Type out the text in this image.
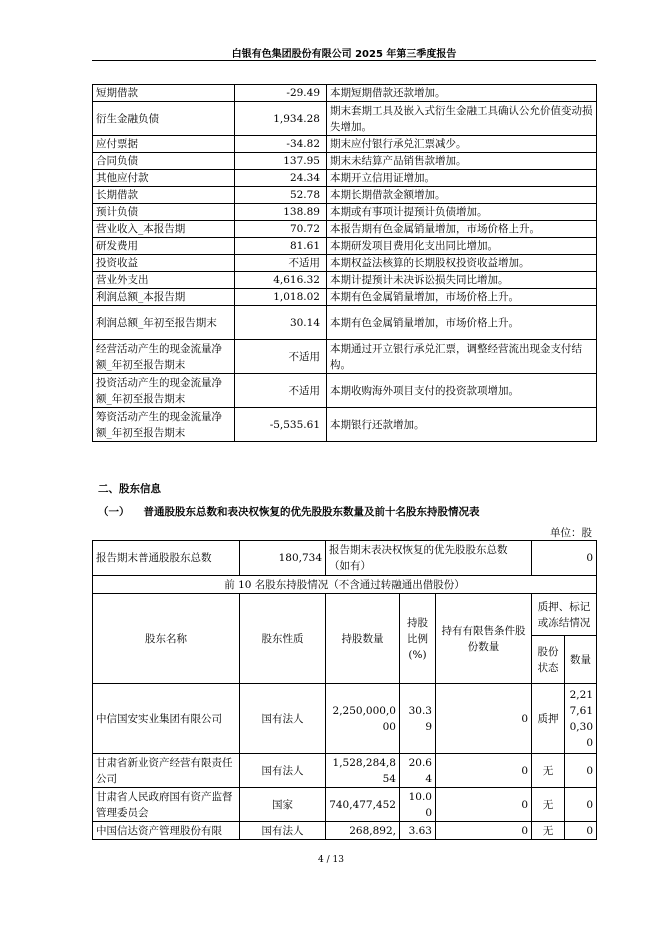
白银有色集团股份有限公司 2025 年第三季度报告
短期借款	-29.49	本期短期借款还款增加。
衍生金融负债	1,934.28	期末套期工具及嵌入式衍生金融工具确认公允价值变动损失增加。
应付票据	-34.82	期末应付银行承兑汇票减少。
合同负债	137.95	期末未结算产品销售款增加。
其他应付款	24.34	本期开立信用证增加。
长期借款	52.78	本期长期借款金额增加。
预计负债	138.89	本期或有事项计提预计负债增加。
营业收入_本报告期	70.72	本报告期有色金属销量增加，市场价格上升。
研发费用	81.61	本期研发项目费用化支出同比增加。
投资收益	不适用	本期权益法核算的长期股权投资收益增加。
营业外支出	4,616.32	本期计提预计未决诉讼损失同比增加。
利润总额_本报告期	1,018.02	本期有色金属销量增加，市场价格上升。
利润总额_年初至报告期末	30.14	本期有色金属销量增加，市场价格上升。
经营活动产生的现金流量净额_年初至报告期末	不适用	本期通过开立银行承兑汇票，调整经营流出现金支付结构。
投资活动产生的现金流量净额_年初至报告期末	不适用	本期收购海外项目支付的投资款项增加。
筹资活动产生的现金流量净额_年初至报告期末	-5,535.61	本期银行还款增加。
二、股东信息
（一） 普通股股东总数和表决权恢复的优先股股东数量及前十名股东持股情况表
单位：股
报告期末普通股股东总数	180,734	报告期末表决权恢复的优先股股东总数（如有）			0	
前 10 名股东持股情况（不含通过转融通出借股份）						
股东名称	股东性质	持股数量	持股比例(%)	持有有限售条件股份数量	质押、标记或冻结情况	
					股份状态	数量
中信国安实业集团有限公司	国有法人	2,250,000,000	30.39	0	质押	2,217,610,300
甘肃省新业资产经营有限责任公司	国有法人	1,528,284,854	20.64	0	无	0
甘肃省人民政府国有资产监督管理委员会	国家	740,477,452	10.00	0	无	0
中国信达资产管理股份有限	国有法人	268,892,	3.63	0	无	0
4 / 13
